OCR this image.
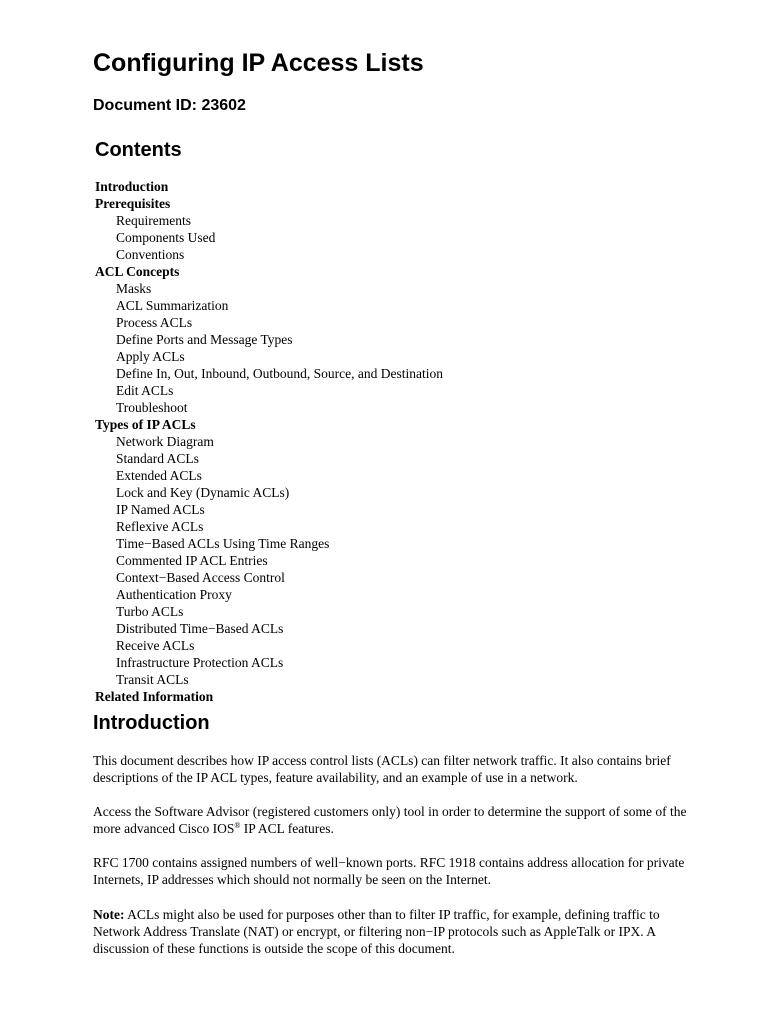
Configuring IP Access Lists
Document ID: 23602
Contents
Introduction
Prerequisites
Requirements
Components Used
Conventions
ACL Concepts
Masks
ACL Summarization
Process ACLs
Define Ports and Message Types
Apply ACLs
Define In, Out, Inbound, Outbound, Source, and Destination
Edit ACLs
Troubleshoot
Types of IP ACLs
Network Diagram
Standard ACLs
Extended ACLs
Lock and Key (Dynamic ACLs)
IP Named ACLs
Reflexive ACLs
Time−Based ACLs Using Time Ranges
Commented IP ACL Entries
Context−Based Access Control
Authentication Proxy
Turbo ACLs
Distributed Time−Based ACLs
Receive ACLs
Infrastructure Protection ACLs
Transit ACLs
Related Information
Introduction
This document describes how IP access control lists (ACLs) can filter network traffic. It also contains brief
descriptions of the IP ACL types, feature availability, and an example of use in a network.
Access the Software Advisor (registered customers only) tool in order to determine the support of some of the
more advanced Cisco IOS® IP ACL features.
RFC 1700 contains assigned numbers of well−known ports. RFC 1918 contains address allocation for private
Internets, IP addresses which should not normally be seen on the Internet.
Note: ACLs might also be used for purposes other than to filter IP traffic, for example, defining traffic to
Network Address Translate (NAT) or encrypt, or filtering non−IP protocols such as AppleTalk or IPX. A
discussion of these functions is outside the scope of this document.
